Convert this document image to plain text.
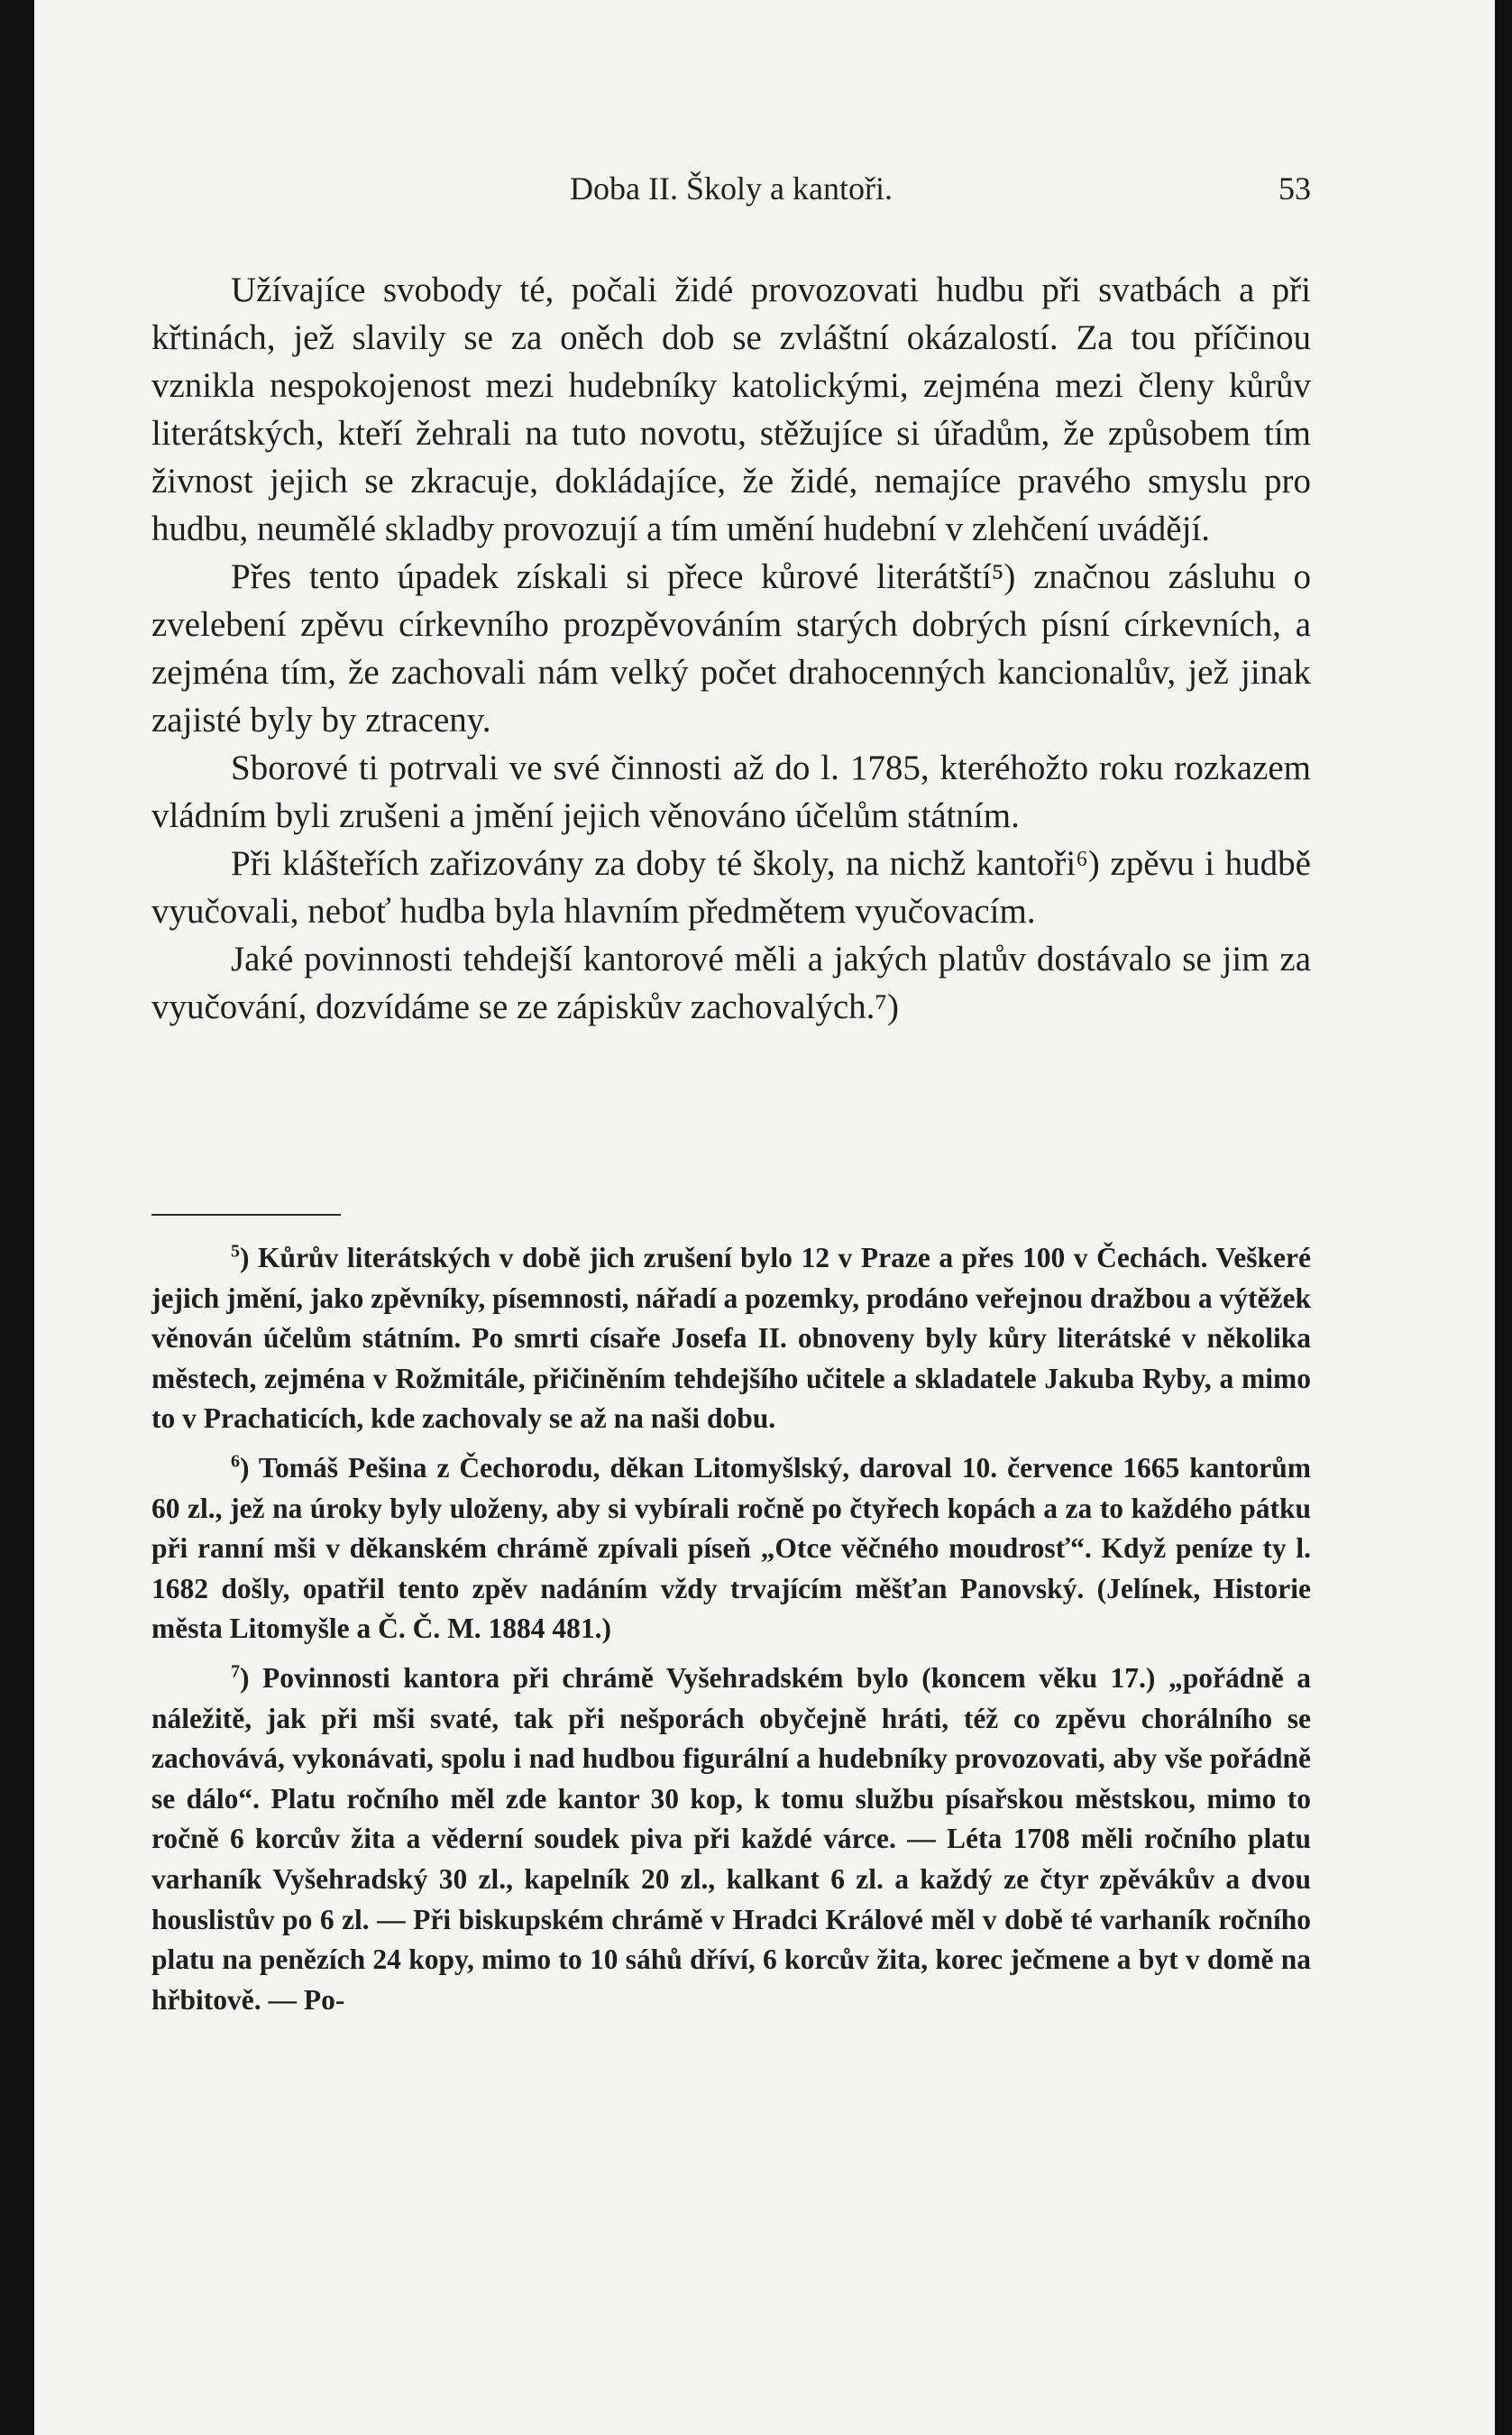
Doba II. Školy a kantoři.	53

Užívajíce svobody té, počali židé provozovati hudbu při svatbách a při křtinách, jež slavily se za oněch dob se zvláštní okázalostí. Za tou příčinou vznikla nespokojenost mezi hudebníky katolickými, zejména mezi členy kůrův literátských, kteří žehrali na tuto novotu, stěžujíce si úřadům, že způsobem tím živnost jejich se zkracuje, dokládajíce, že židé, nemajíce pravého smyslu pro hudbu, neumělé skladby provozují a tím umění hudební v zlehčení uvádějí.

Přes tento úpadek získali si přece kůrové literátští⁵) značnou zásluhu o zvelebení zpěvu církevního prozpěvováním starých dobrých písní církevních, a zejména tím, že zachovali nám velký počet drahocenných kancionalův, jež jinak zajisté byly by ztraceny.

Sborové ti potrvali ve své činnosti až do l. 1785, kteréhožto roku rozkazem vládním byli zrušeni a jmění jejich věnováno účelům státním.

Při klášteřích zařizovány za doby té školy, na nichž kantoři⁶) zpěvu i hudbě vyučovali, neboť hudba byla hlavním předmětem vyučovacím.

Jaké povinnosti tehdejší kantorové měli a jakých platův dostávalo se jim za vyučování, dozvídáme se ze zápiskův zachovalých.⁷)

$^5$) Kůrův literátských v době jich zrušení bylo 12 v Praze a přes 100 v Čechách. Veškeré jejich jmění, jako zpěvníky, písemnosti, nářadí a pozemky, prodáno veřejnou dražbou a výtěžek věnován účelům státním. Po smrti císaře Josefa II. obnoveny byly kůry literátské v několika městech, zejména v Rožmitále, přičiněním tehdejšího učitele a skladatele Jakuba Ryby, a mimo to v Prachaticích, kde zachovaly se až na naši dobu.

$^6$) Tomáš Pešina z Čechorodu, děkan Litomyšlský, daroval 10. července 1665 kantorům 60 zl., jež na úroky byly uloženy, aby si vybírali ročně po čtyřech kopách a za to každého pátku při ranní mši v děkanském chrámě zpívali píseň „Otce věčného moudrosť“. Když peníze ty l. 1682 došly, opatřil tento zpěv nadáním vždy trvajícím měšťan Panovský. (Jelínek, Historie města Litomyšle a Č. Č. M. 1884 481.)

$^7$) Povinnosti kantora při chrámě Vyšehradském bylo (koncem věku 17.) „pořádně a náležitě, jak při mši svaté, tak při nešporách obyčejně hráti, též co zpěvu chorálního se zachovává, vykonávati, spolu i nad hudbou figurální a hudebníky provozovati, aby vše pořádně se dálo“. Platu ročního měl zde kantor 30 kop, k tomu službu písařskou městskou, mimo to ročně 6 korcův žita a věderní soudek piva při každé várce. — Léta 1708 měli ročního platu varhaník Vyšehradský 30 zl., kapelník 20 zl., kalkant 6 zl. a každý ze čtyr zpěvákův a dvou houslistův po 6 zl. — Při biskupském chrámě v Hradci Králové měl v době té varhaník ročního platu na penězích 24 kopy, mimo to 10 sáhů dříví, 6 korcův žita, korec ječmene a byt v domě na hřbitově. — Po-
